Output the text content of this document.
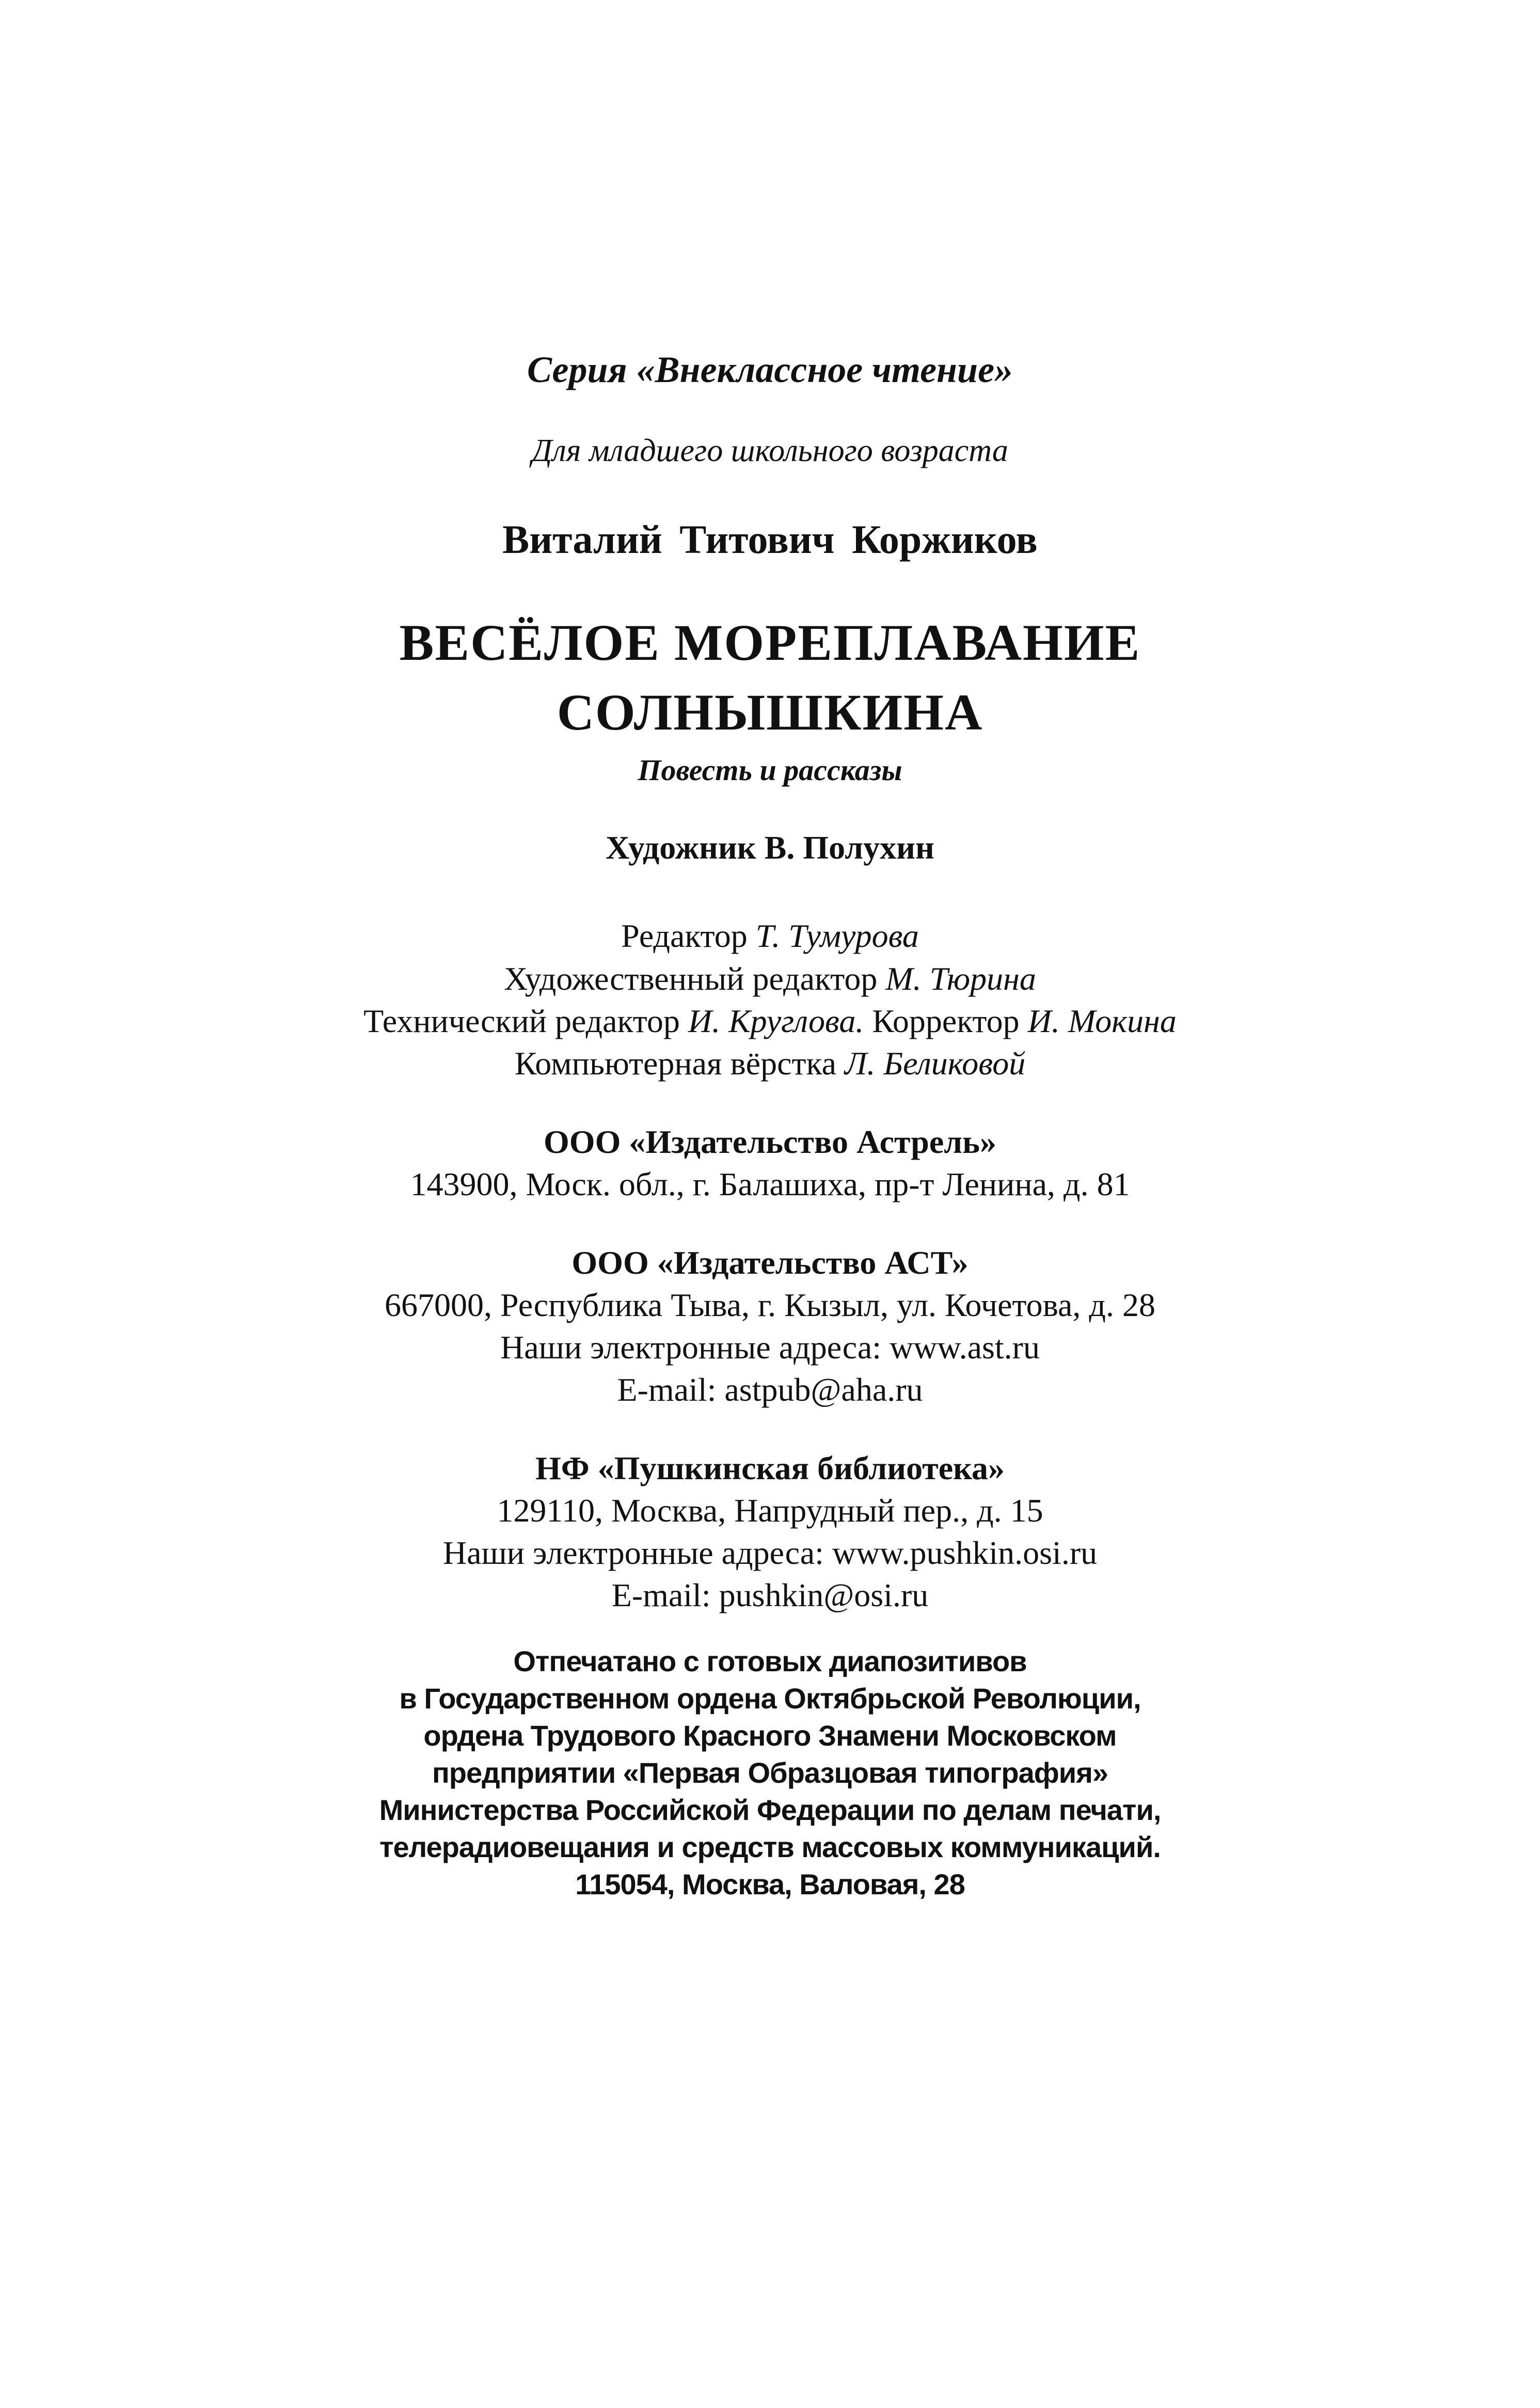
Серия «Внеклассное чтение»
Для младшего школьного возраста
Виталий Титович Коржиков
ВЕСЁЛОЕ МОРЕПЛАВАНИЕ
СОЛНЫШКИНА
Повесть и рассказы
Художник В. Полухин
Редактор Т. Тумурова
Художественный редактор М. Тюрина
Технический редактор И. Круглова. Корректор И. Мокина
Компьютерная вёрстка Л. Беликовой
ООО «Издательство Астрель»
143900, Моск. обл., г. Балашиха, пр-т Ленина, д. 81
ООО «Издательство АСТ»
667000, Республика Тыва, г. Кызыл, ул. Кочетова, д. 28
Наши электронные адреса: www.ast.ru
E-mail: astpub@aha.ru
НФ «Пушкинская библиотека»
129110, Москва, Напрудный пер., д. 15
Наши электронные адреса: www.pushkin.osi.ru
E-mail: pushkin@osi.ru
Отпечатано с готовых диапозитивов
в Государственном ордена Октябрьской Революции,
ордена Трудового Красного Знамени Московском
предприятии «Первая Образцовая типография»
Министерства Российской Федерации по делам печати,
телерадиовещания и средств массовых коммуникаций.
115054, Москва, Валовая, 28
